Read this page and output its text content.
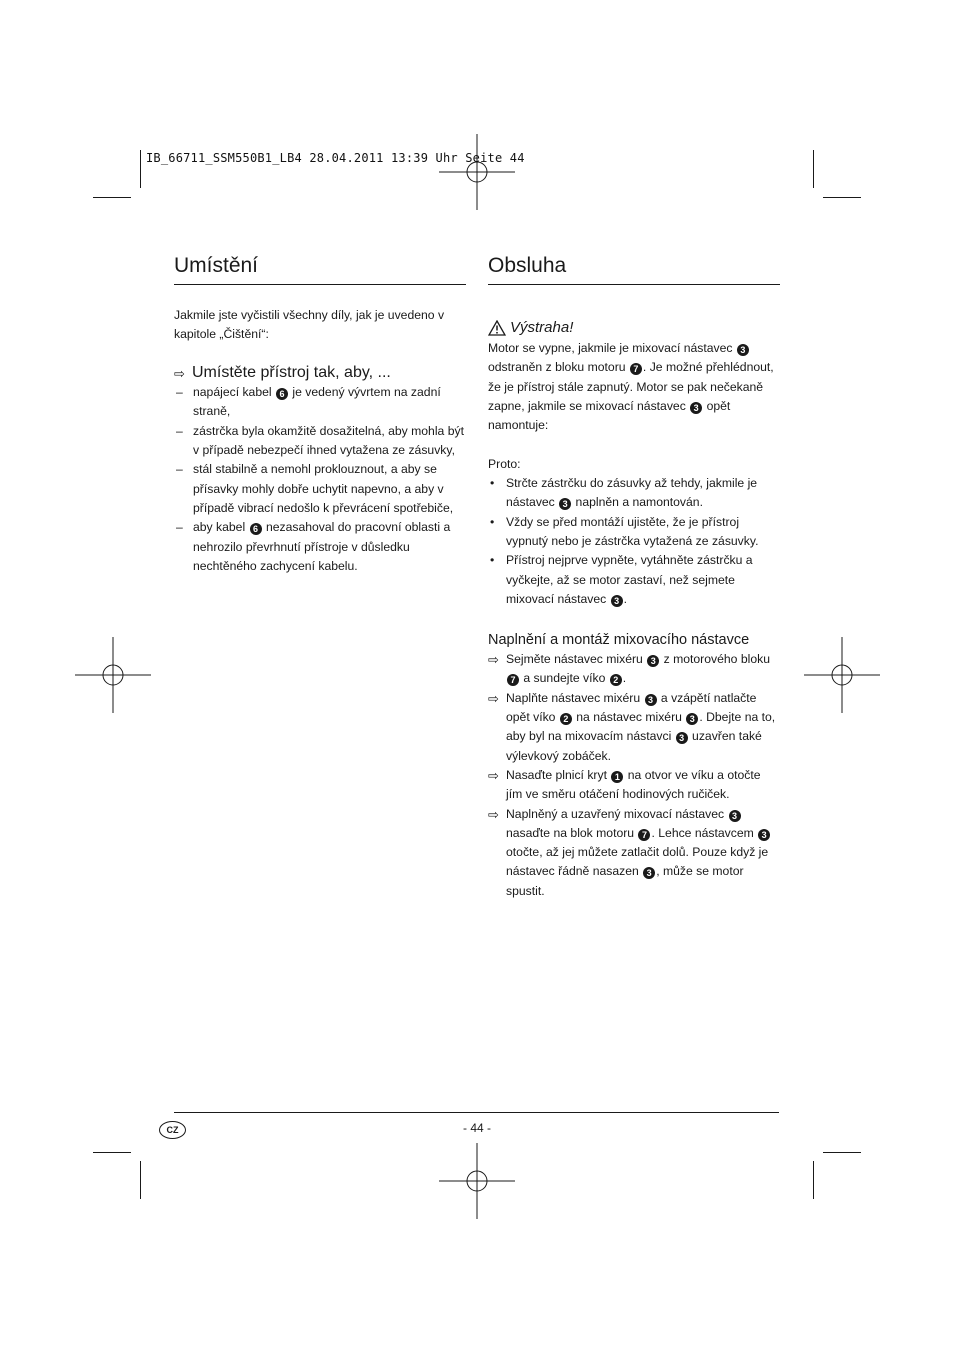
IB_66711_SSM550B1_LB4 28.04.2011 13:39 Uhr Seite 44
Umístění

Jakmile jste vyčistili všechny díly, jak je uvedeno v kapitole „Čištění“:

⇨ Umístěte přístroj tak, aby, ...
– napájecí kabel 6 je vedený vývrtem na zadní straně,
– zástrčka byla okamžitě dosažitelná, aby mohla být v případě nebezpečí ihned vytažena ze zásuvky,
– stál stabilně a nemohl proklouznout, a aby se přísavky mohly dobře uchytit napevno, a aby v případě vibrací nedošlo k převrácení spotřebiče,
– aby kabel 6 nezasahoval do pracovní oblasti a nehrozilo převrhnutí přístroje v důsledku nechtěného zachycení kabelu.
Obsluha
Výstraha!

Motor se vypne, jakmile je mixovací nástavec 3 odstraněn z bloku motoru 7 . Je možné přehlédnout, že je přístroj stále zapnutý. Motor se pak nečekaně zapne, jakmile se mixovací nástavec 3 opět namontuje:

Proto:

• Strčte zástrčku do zásuvky až tehdy, jakmile je nástavec 3 naplněn a namontován.
• Vždy se před montáží ujistěte, že je přístroj vypnutý nebo je zástrčka vytažená ze zásuvky.
• Přístroj nejprve vypněte, vytáhněte zástrčku a vyčkejte, až se motor zastaví, než sejmete mixovací nástavec 3 .
Naplnění a montáž mixovacího nástavce
⇨ Sejměte nástavec mixéru 3 z motorového bloku 7 a sundejte víko 2 .
⇨ Naplňte nástavec mixéru 3 a vzápětí natlačte opět víko 2 na nástavec mixéru 3 . Dbejte na to, aby byl na mixovacím nástavci 3 uzavřen také výlevkový zobáček.
⇨ Nasaďte plnicí kryt 1 na otvor ve víku a otočte jím ve směru otáčení hodinových ručiček.
⇨ Naplněný a uzavřený mixovací nástavec 3 nasaďte na blok motoru 7 . Lehce nástavcem 3 otočte, až jej můžete zatlačit dolů. Pouze když je nástavec řádně nasazen 3 , může se motor spustit.
CZ	- 44 -
